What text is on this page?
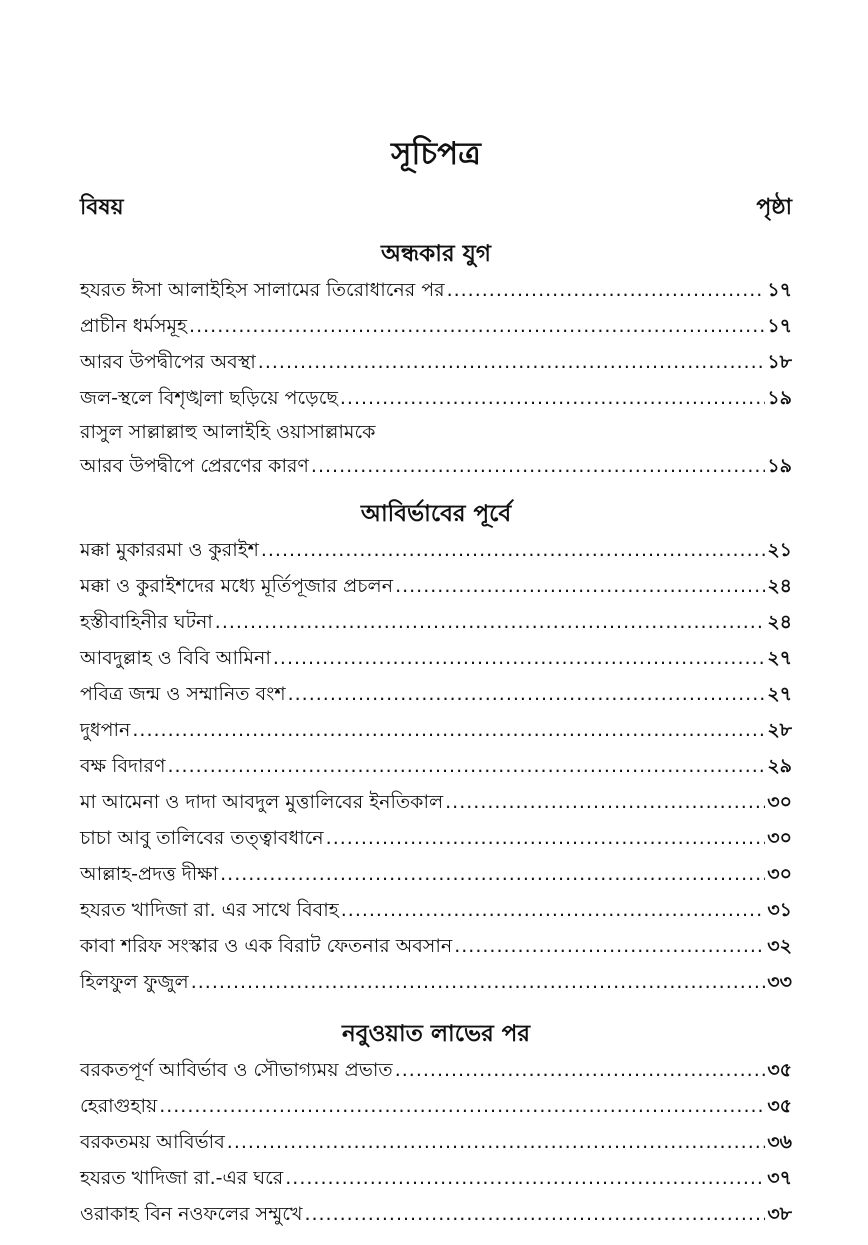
সূচিপত্র
বিষয়	পৃষ্ঠা
অন্ধকার যুগ
হযরত ঈসা আলাইহিস সালামের তিরোধানের পর .....	১৭
প্রাচীন ধর্মসমূহ .....	১৭
আরব উপদ্বীপের অবস্থা .....	১৮
জল-স্থলে বিশৃঙ্খলা ছড়িয়ে পড়েছে .....	১৯
রাসুল সাল্লাল্লাহু আলাইহি ওয়াসাল্লামকে
আরব উপদ্বীপে প্রেরণের কারণ .....	১৯
আবির্ভাবের পূর্বে
মক্কা মুকাররমা ও কুরাইশ .....	২১
মক্কা ও কুরাইশদের মধ্যে মূর্তিপূজার প্রচলন .....	২৪
হস্তীবাহিনীর ঘটনা .....	২৪
আবদুল্লাহ ও বিবি আমিনা .....	২৭
পবিত্র জন্ম ও সম্মানিত বংশ .....	২৭
দুধপান .....	২৮
বক্ষ বিদারণ .....	২৯
মা আমেনা ও দাদা আবদুল মুত্তালিবের ইনতিকাল .....	৩০
চাচা আবু তালিবের তত্ত্বাবধানে .....	৩০
আল্লাহ-প্রদত্ত দীক্ষা .....	৩০
হযরত খাদিজা রা. এর সাথে বিবাহ .....	৩১
কাবা শরিফ সংস্কার ও এক বিরাট ফেতনার অবসান .....	৩২
হিলফুল ফুজুল .....	৩৩
নবুওয়াত লাভের পর
বরকতপূর্ণ আবির্ভাব ও সৌভাগ্যময় প্রভাত .....	৩৫
হেরাগুহায় .....	৩৫
বরকতময় আবির্ভাব .....	৩৬
হযরত খাদিজা রা.-এর ঘরে .....	৩৭
ওরাকাহ বিন নওফলের সম্মুখে .....	৩৮
